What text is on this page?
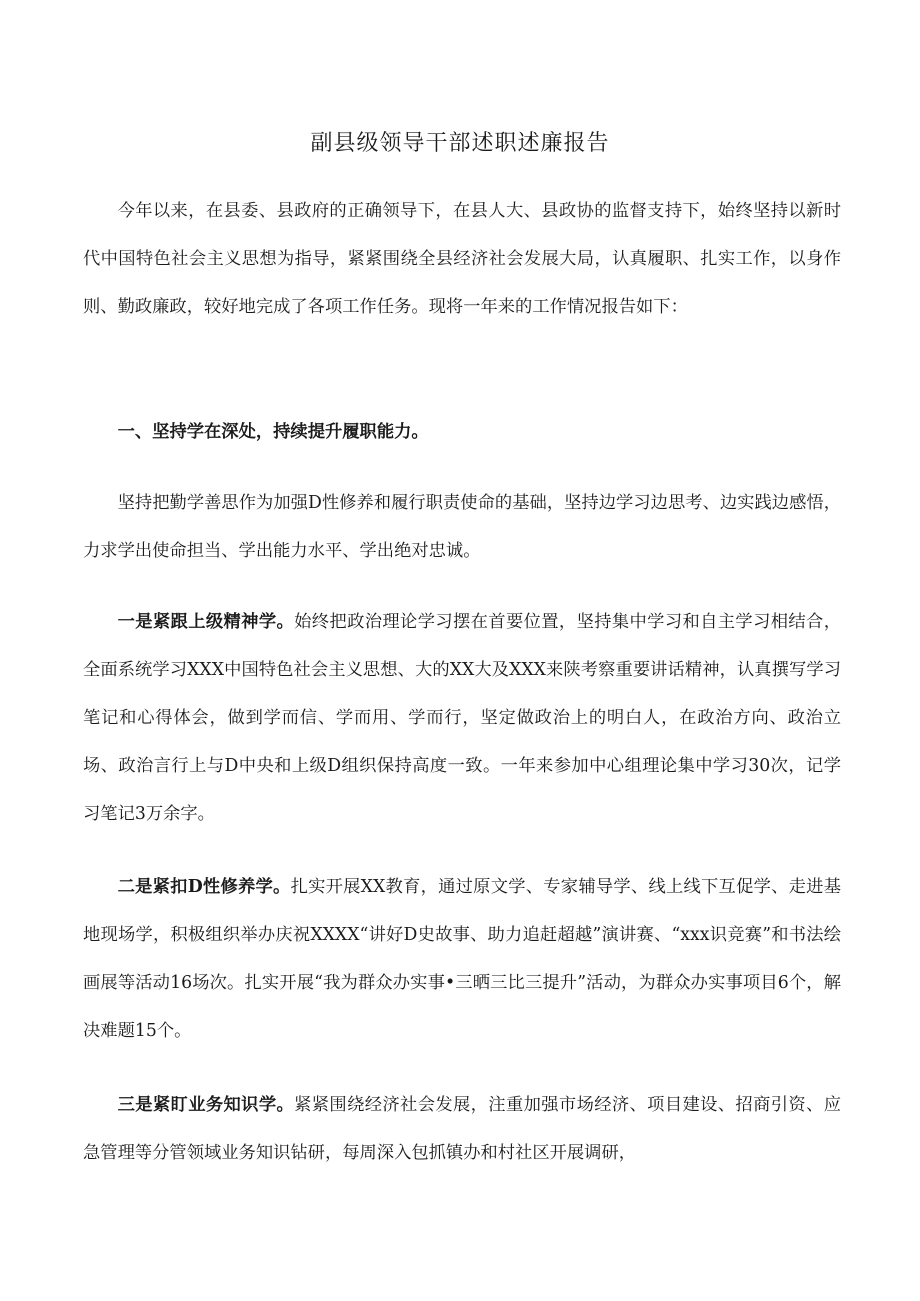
副县级领导干部述职述廉报告

今年以来，在县委、县政府的正确领导下，在县人大、县政协的监督支持下，始终坚持以新时代中国特色社会主义思想为指导，紧紧围绕全县经济社会发展大局，认真履职、扎实工作，以身作则、勤政廉政，较好地完成了各项工作任务。现将一年来的工作情况报告如下：

一、坚持学在深处，持续提升履职能力。

坚持把勤学善思作为加强D性修养和履行职责使命的基础，坚持边学习边思考、边实践边感悟，力求学出使命担当、学出能力水平、学出绝对忠诚。

一是紧跟上级精神学。始终把政治理论学习摆在首要位置，坚持集中学习和自主学习相结合，全面系统学习XXX中国特色社会主义思想、大的XX大及XXX来陕考察重要讲话精神，认真撰写学习笔记和心得体会，做到学而信、学而用、学而行，坚定做政治上的明白人，在政治方向、政治立场、政治言行上与D中央和上级D组织保持高度一致。一年来参加中心组理论集中学习30次，记学习笔记3万余字。

二是紧扣D性修养学。扎实开展XX教育，通过原文学、专家辅导学、线上线下互促学、走进基地现场学，积极组织举办庆祝XXXX“讲好D史故事、助力追赶超越”演讲赛、“xxx识竞赛”和书法绘画展等活动16场次。扎实开展“我为群众办实事•三晒三比三提升”活动，为群众办实事项目6个，解决难题15个。

三是紧盯业务知识学。紧紧围绕经济社会发展，注重加强市场经济、项目建设、招商引资、应急管理等分管领域业务知识钻研，每周深入包抓镇办和村社区开展调研，
